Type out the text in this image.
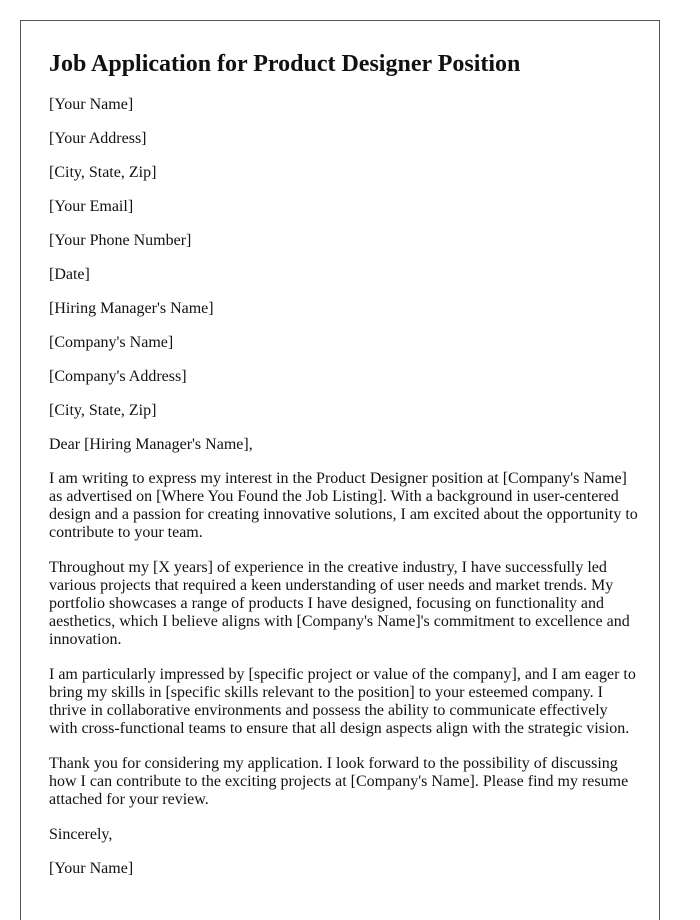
Job Application for Product Designer Position
[Your Name]
[Your Address]
[City, State, Zip]
[Your Email]
[Your Phone Number]
[Date]
[Hiring Manager's Name]
[Company's Name]
[Company's Address]
[City, State, Zip]
Dear [Hiring Manager's Name],

I am writing to express my interest in the Product Designer position at [Company's Name] as advertised on [Where You Found the Job Listing]. With a background in user-centered design and a passion for creating innovative solutions, I am excited about the opportunity to contribute to your team.

Throughout my [X years] of experience in the creative industry, I have successfully led various projects that required a keen understanding of user needs and market trends. My portfolio showcases a range of products I have designed, focusing on functionality and aesthetics, which I believe aligns with [Company's Name]'s commitment to excellence and innovation.

I am particularly impressed by [specific project or value of the company], and I am eager to bring my skills in [specific skills relevant to the position] to your esteemed company. I thrive in collaborative environments and possess the ability to communicate effectively with cross-functional teams to ensure that all design aspects align with the strategic vision.

Thank you for considering my application. I look forward to the possibility of discussing how I can contribute to the exciting projects at [Company's Name]. Please find my resume attached for your review.

Sincerely,
[Your Name]
